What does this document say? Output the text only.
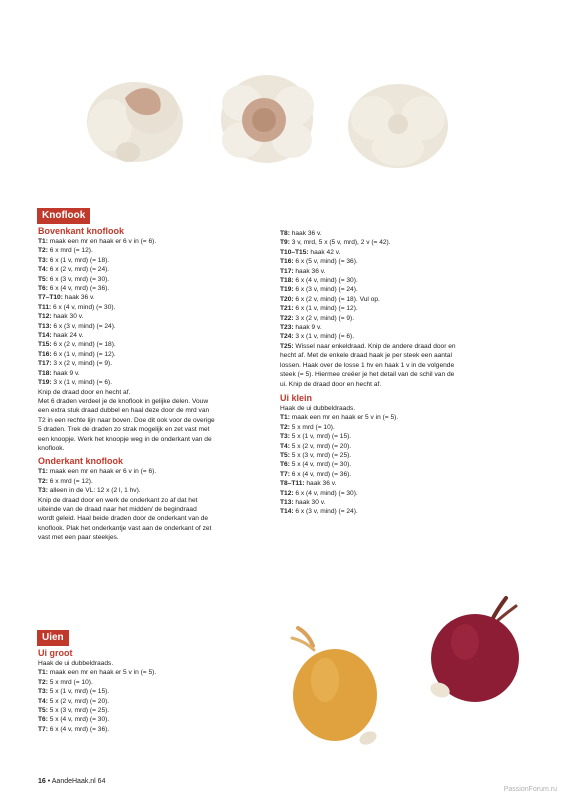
Knoflook

Bovenkant knoflook

T1: maak een mr en haak er 6 v in (= 6).

T2: 6 x mrd (= 12).

T3: 6 x (1 v, mrd) (= 18).

T4: 6 x (2 v, mrd) (= 24).

T5: 6 x (3 v, mrd) (= 30).

T6: 6 x (4 v, mrd) (= 36).

T7–T10: haak 36 v.

T11: 6 x (4 v, mind) (= 30).

T12: haak 30 v.

T13: 6 x (3 v, mind) (= 24).

T14: haak 24 v.

T15: 6 x (2 v, mind) (= 18).

T16: 6 x (1 v, mind) (= 12).

T17: 3 x (2 v, mind) (= 9).

T18: haak 9 v.

T19: 3 x (1 v, mind) (= 6).

Knip de draad door en hecht af.

Met 6 draden verdeel je de knoflook in gelijke delen. Vouw

een extra stuk draad dubbel en haal deze door de mrd van

T2 in een rechte lijn naar boven. Doe dit ook voor de overige

5 draden. Trek de draden zo strak mogelijk en zet vast met

een knoopje. Werk het knoopje weg in de onderkant van de

knoflook.

Onderkant knoflook

T1: maak een mr en haak er 6 v in (= 6).

T2: 6 x mrd (= 12).

T3: alleen in de VL: 12 x (2 l, 1 hv).

Knip de draad door en werk de onderkant zo af dat het

uiteinde van de draad naar het midden/ de begindraad

wordt geleid. Haal beide draden door de onderkant van de

knoflook. Plak het onderkantje vast aan de onderkant of zet

vast met een paar steekjes.

T8: haak 36 v.

T9: 3 v, mrd, 5 x (5 v, mrd), 2 v (= 42).

T10–T15: haak 42 v.

T16: 6 x (5 v, mind) (= 36).

T17: haak 36 v.

T18: 6 x (4 v, mind) (= 30).

T19: 6 x (3 v, mind) (= 24).

T20: 6 x (2 v, mind) (= 18). Vul op.

T21: 6 x (1 v, mind) (= 12).

T22: 3 x (2 v, mind) (= 9).

T23: haak 9 v.

T24: 3 x (1 v, mind) (= 6).

T25: Wissel naar enkeldraad. Knip de andere draad door en

hecht af. Met de enkele draad haak je per steek een aantal

lossen. Haak over de losse 1 hv en haak 1 v in de volgende

steek (= 5). Hiermee creëer je het detail van de schil van de

ui. Knip de draad door en hecht af.

Ui klein

Haak de ui dubbeldraads.

T1: maak een mr en haak er 5 v in (= 5).

T2: 5 x mrd (= 10).

T3: 5 x (1 v, mrd) (= 15).

T4: 5 x (2 v, mrd) (= 20).

T5: 5 x (3 v, mrd) (= 25).

T6: 5 x (4 v, mrd) (= 30).

T7: 6 x (4 v, mrd) (= 36).

T8–T11: haak 36 v.

T12: 6 x (4 v, mind) (= 30).

T13: haak 30 v.

T14: 6 x (3 v, mind) (= 24).

Uien

Ui groot

Haak de ui dubbeldraads.

T1: maak een mr en haak er 5 v in (= 5).

T2: 5 x mrd (= 10).

T3: 5 x (1 v, mrd) (= 15).

T4: 5 x (2 v, mrd) (= 20).

T5: 5 x (3 v, mrd) (= 25).

T6: 5 x (4 v, mrd) (= 30).

T7: 6 x (4 v, mrd) (= 36).

16 • AandeHaak.nl 64
PassionForum.ru
